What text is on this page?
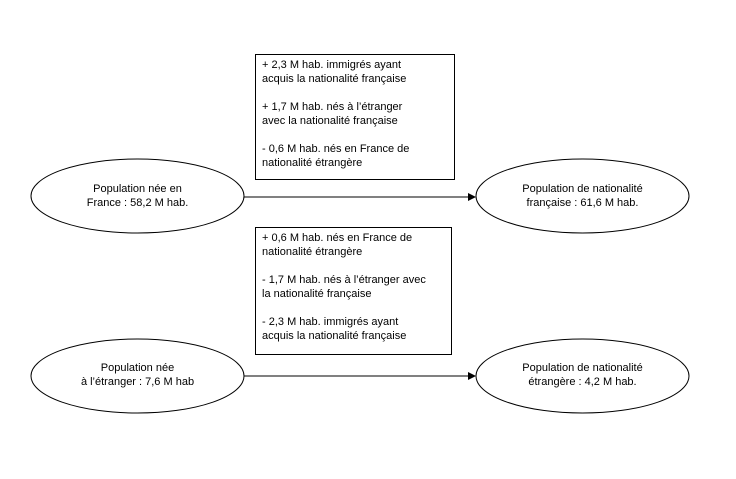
Population née en
France : 58,2 M hab.
Population de nationalité
française : 61,6 M hab.
Population née
à l’étranger : 7,6 M hab
Population de nationalité
étrangère : 4,2 M hab.
+ 2,3 M hab. immigrés ayant
acquis la nationalité française
+ 1,7 M hab. nés à l’étranger
avec la nationalité française
- 0,6 M hab. nés en France de
nationalité étrangère
+ 0,6 M hab. nés en France de
nationalité étrangère
- 1,7 M hab. nés à l’étranger avec
la nationalité française
- 2,3 M hab. immigrés ayant
acquis la nationalité française
